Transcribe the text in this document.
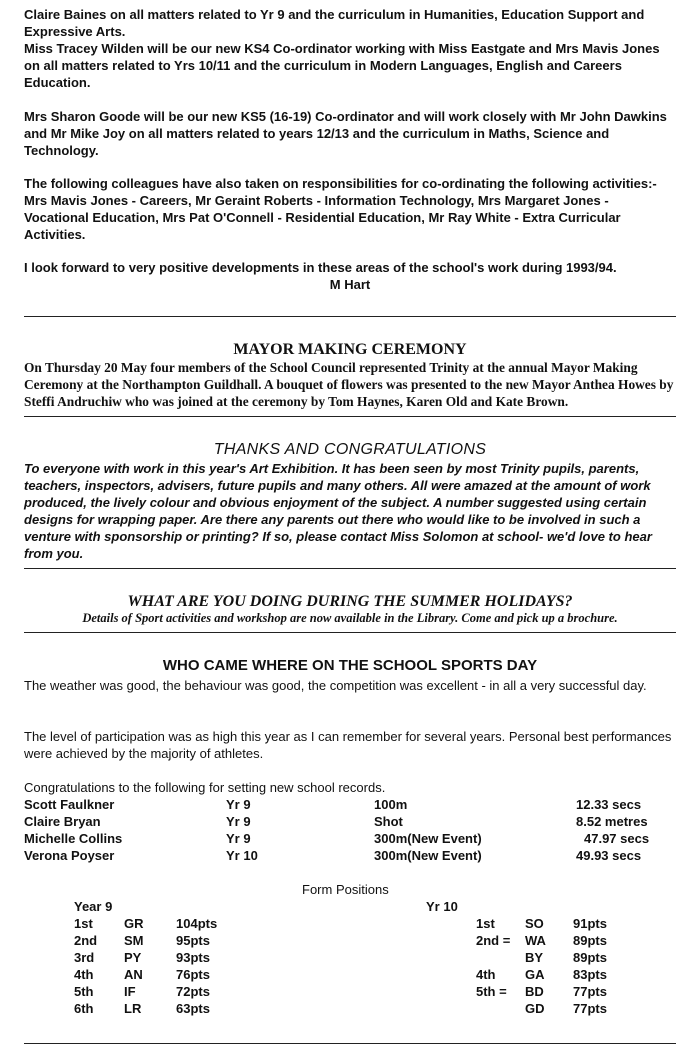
Claire Baines on all matters related to Yr 9 and the curriculum in Humanities, Education Support and Expressive Arts.

Miss Tracey Wilden will be our new KS4 Co-ordinator working with Miss Eastgate and Mrs Mavis Jones on all matters related to Yrs 10/11 and the curriculum in Modern Languages, English and Careers Education.

Mrs Sharon Goode will be our new KS5 (16-19) Co-ordinator and will work closely with Mr John Dawkins and Mr Mike Joy on all matters related to years 12/13 and the curriculum in Maths, Science and Technology.

The following colleagues have also taken on responsibilities for co-ordinating the following activities:- Mrs Mavis Jones - Careers, Mr Geraint Roberts - Information Technology, Mrs Margaret Jones - Vocational Education, Mrs Pat O'Connell - Residential Education, Mr Ray White - Extra Curricular Activities.

I look forward to very positive developments in these areas of the school's work during 1993/94.

M Hart
MAYOR MAKING CEREMONY

On Thursday 20 May four members of the School Council represented Trinity at the annual Mayor Making Ceremony at the Northampton Guildhall. A bouquet of flowers was presented to the new Mayor Anthea Howes by Steffi Andruchiw who was joined at the ceremony by Tom Haynes, Karen Old and Kate Brown.

THANKS AND CONGRATULATIONS

To everyone with work in this year's Art Exhibition. It has been seen by most Trinity pupils, parents, teachers, inspectors, advisers, future pupils and many others. All were amazed at the amount of work produced, the lively colour and obvious enjoyment of the subject. A number suggested using certain designs for wrapping paper. Are there any parents out there who would like to be involved in such a venture with sponsorship or printing? If so, please contact Miss Solomon at school- we'd love to hear from you.

WHAT ARE YOU DOING DURING THE SUMMER HOLIDAYS?

Details of Sport activities and workshop are now available in the Library. Come and pick up a brochure.

WHO CAME WHERE ON THE SCHOOL SPORTS DAY

The weather was good, the behaviour was good, the competition was excellent - in all a very successful day.

The level of participation was as high this year as I can remember for several years. Personal best performances were achieved by the majority of athletes.

Congratulations to the following for setting new school records.

Scott Faulkner	Yr 9	100m	12.33 secs
Claire Bryan	Yr 9	Shot	8.52 metres
Michelle Collins	Yr 9	300m(New Event)	47.97 secs
Verona Poyser	Yr 10	300m(New Event)	49.93 secs
Form Positions
Year 9	Yr 10
1st GR	104pts	1st SO 91pts
2nd SM	95pts	2nd = WA 89pts
3rd PY	93pts	BY 89pts
4th AN	76pts	4th GA 83pts
5th IF	72pts	5th = BD 77pts
6th LR	63pts	GD 77pts
